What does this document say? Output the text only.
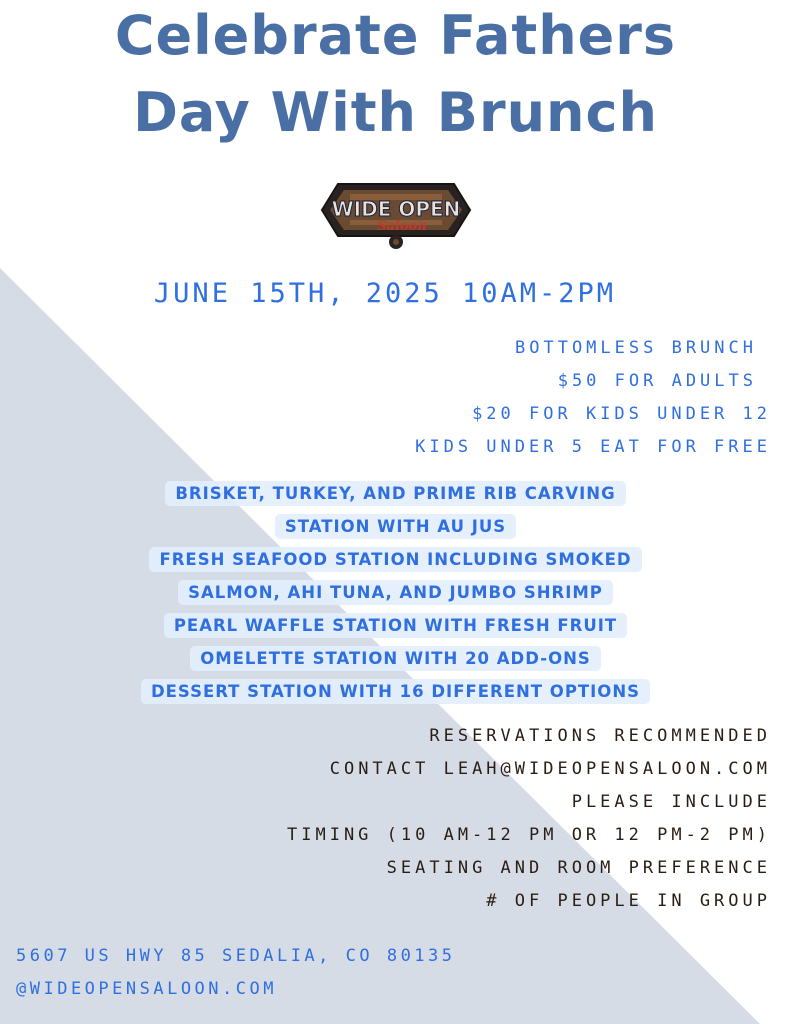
Celebrate Fathers
Day With Brunch
WIDE OPEN
Saloon
JUNE 15TH, 2025 10AM-2PM
BOTTOMLESS BRUNCH
$50 FOR ADULTS
$20 FOR KIDS UNDER 12
KIDS UNDER 5 EAT FOR FREE
BRISKET, TURKEY, AND PRIME RIB CARVING
STATION WITH AU JUS
FRESH SEAFOOD STATION INCLUDING SMOKED
SALMON, AHI TUNA, AND JUMBO SHRIMP
PEARL WAFFLE STATION WITH FRESH FRUIT
OMELETTE STATION WITH 20 ADD-ONS
DESSERT STATION WITH 16 DIFFERENT OPTIONS
RESERVATIONS RECOMMENDED
CONTACT LEAH@WIDEOPENSALOON.COM
PLEASE INCLUDE
TIMING (10 AM-12 PM OR 12 PM-2 PM)
SEATING AND ROOM PREFERENCE
# OF PEOPLE IN GROUP
5607 US HWY 85 SEDALIA, CO 80135
@WIDEOPENSALOON.COM
